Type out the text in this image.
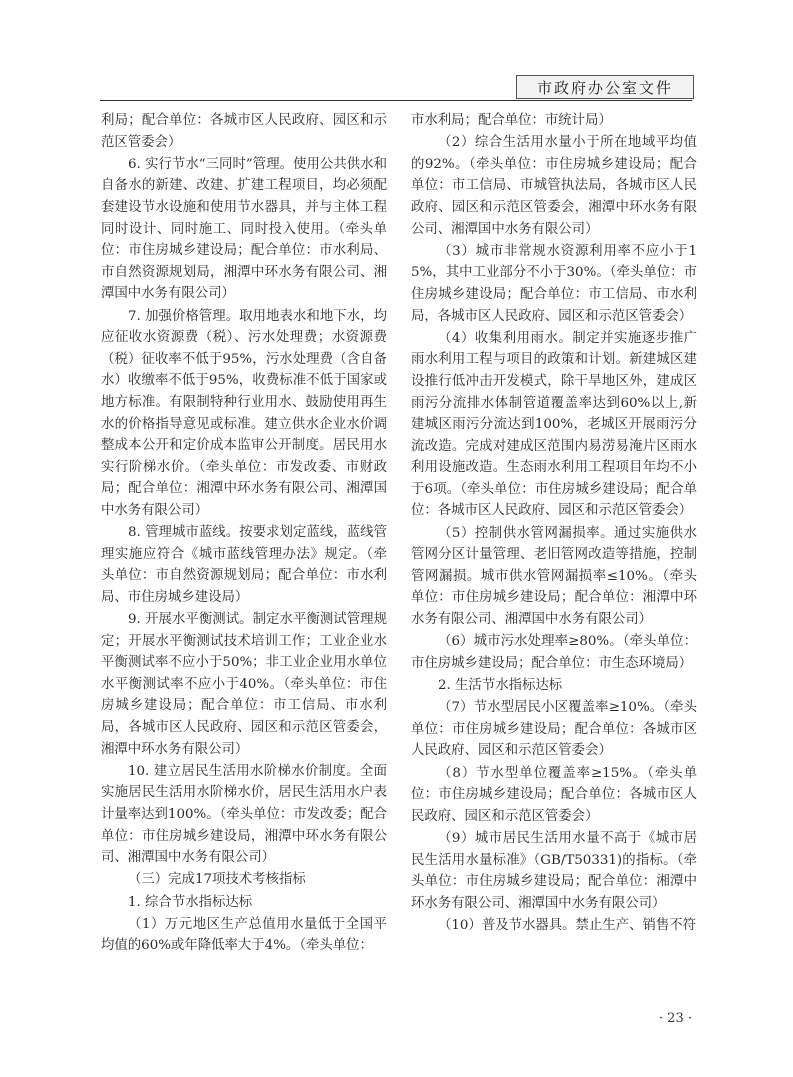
市政府办公室文件

利局；配合单位：各城市区人民政府、园区和示范区管委会）

6. 实行节水“三同时”管理。使用公共供水和自备水的新建、改建、扩建工程项目，均必须配套建设节水设施和使用节水器具，并与主体工程同时设计、同时施工、同时投入使用。（牵头单位：市住房城乡建设局；配合单位：市水利局、市自然资源规划局，湘潭中环水务有限公司、湘潭国中水务有限公司）

7. 加强价格管理。取用地表水和地下水，均应征收水资源费（税）、污水处理费；水资源费（税）征收率不低于95%，污水处理费（含自备水）收缴率不低于95%，收费标准不低于国家或地方标准。有限制特种行业用水、鼓励使用再生水的价格指导意见或标准。建立供水企业水价调整成本公开和定价成本监审公开制度。居民用水实行阶梯水价。（牵头单位：市发改委、市财政局；配合单位：湘潭中环水务有限公司、湘潭国中水务有限公司）

8. 管理城市蓝线。按要求划定蓝线，蓝线管理实施应符合《城市蓝线管理办法》规定。（牵头单位：市自然资源规划局；配合单位：市水利局、市住房城乡建设局）

9. 开展水平衡测试。制定水平衡测试管理规定；开展水平衡测试技术培训工作；工业企业水平衡测试率不应小于50%；非工业企业用水单位水平衡测试率不应小于40%。（牵头单位：市住房城乡建设局；配合单位：市工信局、市水利局，各城市区人民政府、园区和示范区管委会，湘潭中环水务有限公司）

10. 建立居民生活用水阶梯水价制度。全面实施居民生活用水阶梯水价，居民生活用水户表计量率达到100%。（牵头单位：市发改委；配合单位：市住房城乡建设局，湘潭中环水务有限公司、湘潭国中水务有限公司）

（三）完成17项技术考核指标

1. 综合节水指标达标

（1）万元地区生产总值用水量低于全国平均值的60%或年降低率大于4%。（牵头单位：

市水利局；配合单位：市统计局）

（2）综合生活用水量小于所在地域平均值的92%。（牵头单位：市住房城乡建设局；配合单位：市工信局、市城管执法局，各城市区人民政府、园区和示范区管委会，湘潭中环水务有限公司、湘潭国中水务有限公司）

（3）城市非常规水资源利用率不应小于15%，其中工业部分不小于30%。（牵头单位：市住房城乡建设局；配合单位：市工信局、市水利局，各城市区人民政府、园区和示范区管委会）

（4）收集利用雨水。制定并实施逐步推广雨水利用工程与项目的政策和计划。新建城区建设推行低冲击开发模式，除干旱地区外，建成区雨污分流排水体制管道覆盖率达到60%以上,新建城区雨污分流达到100%，老城区开展雨污分流改造。完成对建成区范围内易涝易淹片区雨水利用设施改造。生态雨水利用工程项目年均不小于6项。（牵头单位：市住房城乡建设局；配合单位：各城市区人民政府、园区和示范区管委会）

（5）控制供水管网漏损率。通过实施供水管网分区计量管理、老旧管网改造等措施，控制管网漏损。城市供水管网漏损率≤10%。（牵头单位：市住房城乡建设局；配合单位：湘潭中环水务有限公司、湘潭国中水务有限公司）

（6）城市污水处理率≥80%。（牵头单位：市住房城乡建设局；配合单位：市生态环境局）

2. 生活节水指标达标

（7）节水型居民小区覆盖率≥10%。（牵头单位：市住房城乡建设局；配合单位：各城市区人民政府、园区和示范区管委会）

（8）节水型单位覆盖率≥15%。（牵头单位：市住房城乡建设局；配合单位：各城市区人民政府、园区和示范区管委会）

（9）城市居民生活用水量不高于《城市居民生活用水量标准》（GB/T50331)的指标。（牵头单位：市住房城乡建设局；配合单位：湘潭中环水务有限公司、湘潭国中水务有限公司）

（10）普及节水器具。禁止生产、销售不符

· 23 ·
